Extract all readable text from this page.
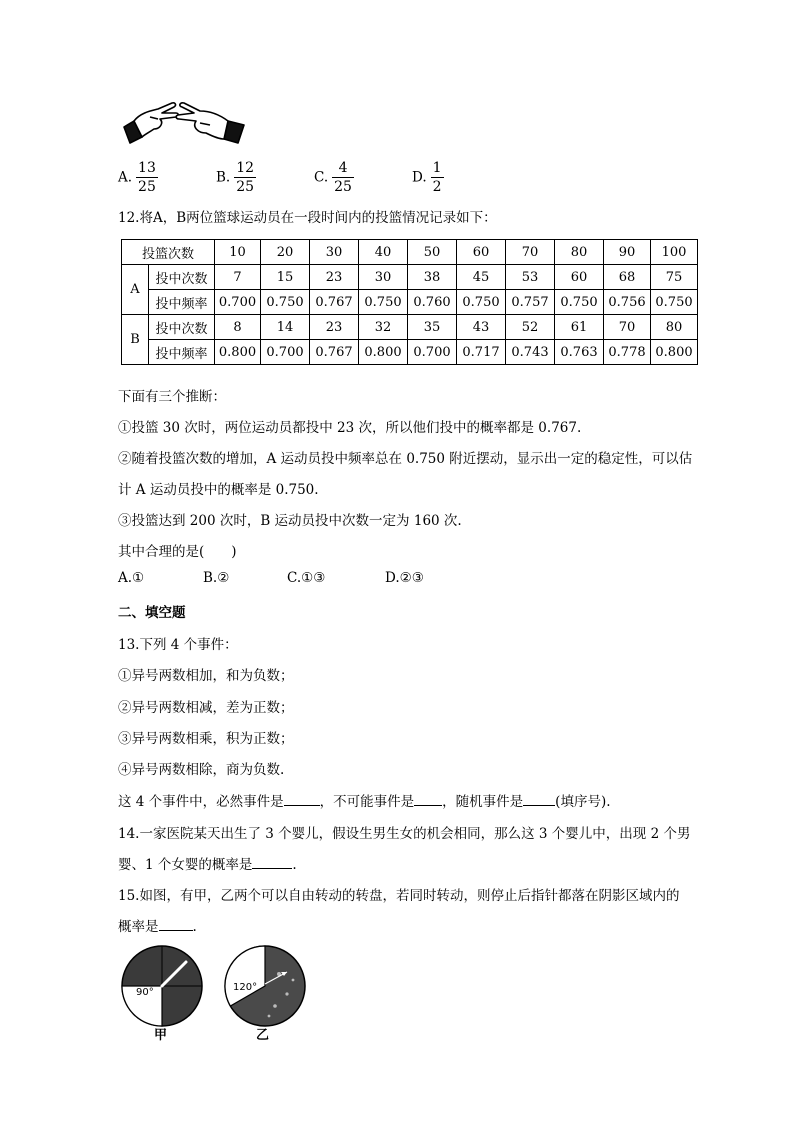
A. $\frac{13}{25}$	B. $\frac{12}{25}$	C. $\frac{4}{25}$	D. $\frac{1}{2}$
12.将A，B两位篮球运动员在一段时间内的投篮情况记录如下：
投篮次数		10	20	30	40	50	60	70	80	90	100
A	投中次数	7	15	23	30	38	45	53	60	68	75
	投中频率	0.700	0.750	0.767	0.750	0.760	0.750	0.757	0.750	0.756	0.750
B	投中次数	8	14	23	32	35	43	52	61	70	80
	投中频率	0.800	0.700	0.767	0.800	0.700	0.717	0.743	0.763	0.778	0.800
下面有三个推断：
①投篮 30 次时，两位运动员都投中 23 次，所以他们投中的概率都是 0.767.
②随着投篮次数的增加，A 运动员投中频率总在 0.750 附近摆动，显示出一定的稳定性，可以估
计 A 运动员投中的概率是 0.750.
③投篮达到 200 次时，B 运动员投中次数一定为 160 次.
其中合理的是(　　)
A.①	B.②	C.①③	D.②③
二、填空题
13.下列 4 个事件：
①异号两数相加，和为负数；
②异号两数相减，差为正数；
③异号两数相乘，积为正数；
④异号两数相除，商为负数.
这 4 个事件中，必然事件是	，不可能事件是 ，随机事件是 (填序号).
14.一家医院某天出生了 3 个婴儿，假设生男生女的机会相同，那么这 3 个婴儿中，出现 2 个男
婴、1 个女婴的概率是	.
15.如图，有甲，乙两个可以自由转动的转盘，若同时转动，则停止后指针都落在阴影区域内的
概率是	.
90°
甲
120°
乙
